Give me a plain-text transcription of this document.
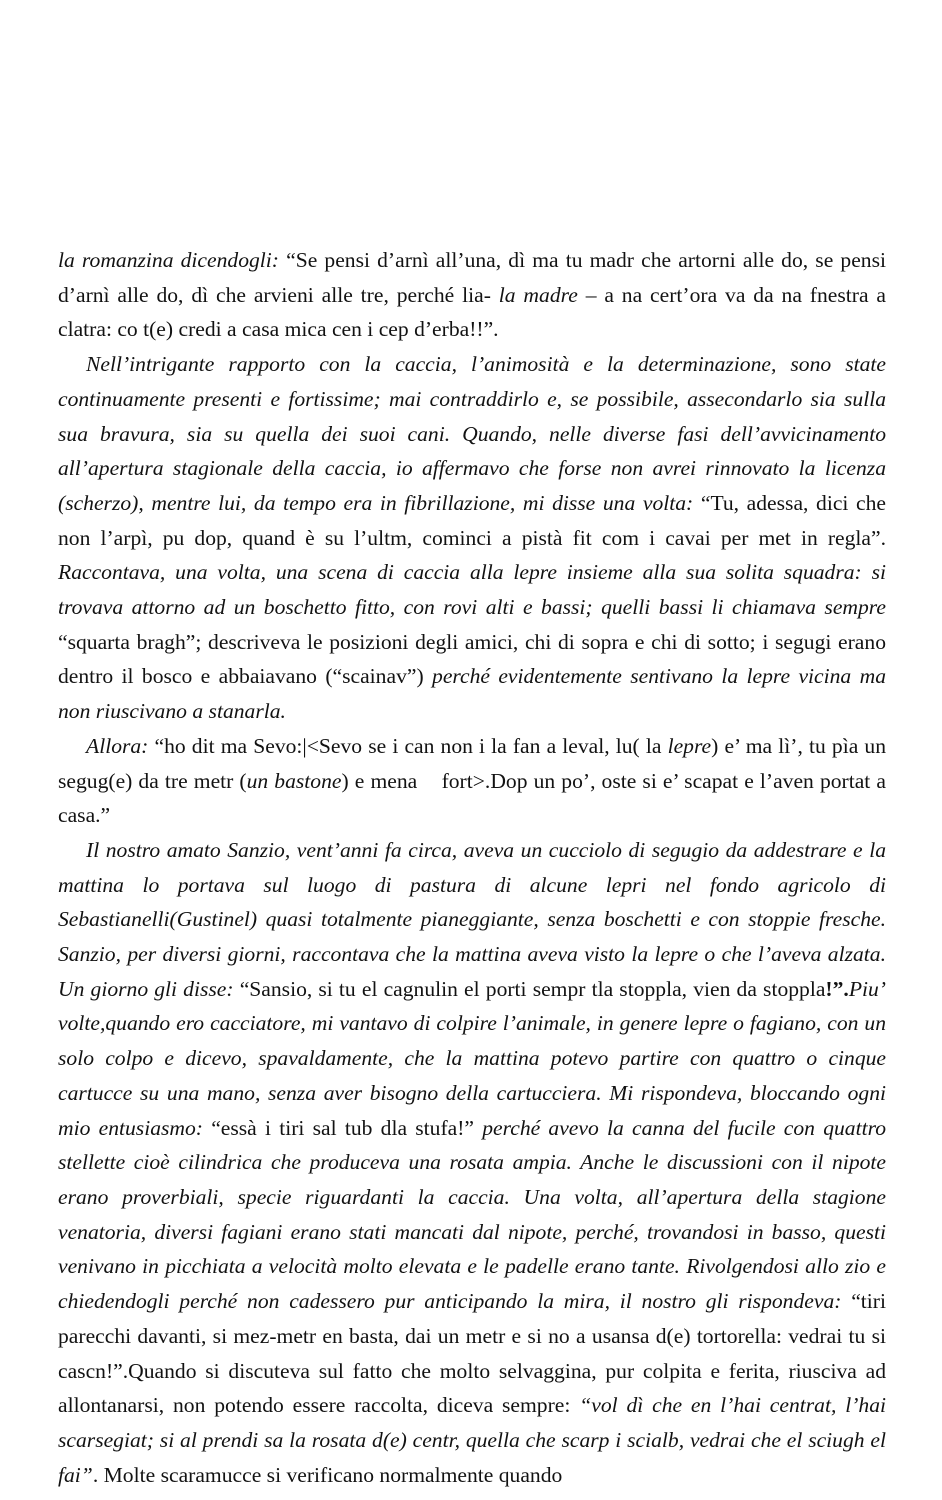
la romanzina dicendogli: “Se pensi d’arnì all’una, dì ma tu madr che artorni alle do, se pensi d’arnì alle do, dì che arvieni alle tre, perché lia- la madre – a na cert’ora va da na fnestra a clatra: co t(e) credi a casa mica cen i cep d’erba!!”.
Nell’intrigante rapporto con la caccia, l’animosità e la determinazione, sono state continuamente presenti e fortissime; mai contraddirlo e, se possibile, assecondarlo sia sulla sua bravura, sia su quella dei suoi cani. Quando, nelle diverse fasi dell’avvicinamento all’apertura stagionale della caccia, io affermavo che forse non avrei rinnovato la licenza (scherzo), mentre lui, da tempo era in fibrillazione, mi disse una volta: “Tu, adessa, dici che non l’arpì, pu dop, quand è su l’ultm, cominci a pistà fit com i cavai per met in regla”. Raccontava, una volta, una scena di caccia alla lepre insieme alla sua solita squadra: si trovava attorno ad un boschetto fitto, con rovi alti e bassi; quelli bassi li chiamava sempre “squarta bragh”; descriveva le posizioni degli amici, chi di sopra e chi di sotto; i segugi erano dentro il bosco e abbaiavano (“scainav”) perché evidentemente sentivano la lepre vicina ma non riuscivano a stanarla.
Allora: “ho dit ma Sevo:|<Sevo se i can non i la fan a leval, lu( la lepre) e’ ma lì’, tu pìa un segug(e) da tre metr (un bastone) e mena fort>.Dop un po’, oste si e’ scapat e l’aven portat a casa.”
Il nostro amato Sanzio, vent’anni fa circa, aveva un cucciolo di segugio da addestrare e la mattina lo portava sul luogo di pastura di alcune lepri nel fondo agricolo di Sebastianelli(Gustinel) quasi totalmente pianeggiante, senza boschetti e con stoppie fresche. Sanzio, per diversi giorni, raccontava che la mattina aveva visto la lepre o che l’aveva alzata. Un giorno gli disse: “Sansio, si tu el cagnulin el porti sempr tla stoppla, vien da stoppla!”.Piu’ volte,quando ero cacciatore, mi vantavo di colpire l’animale, in genere lepre o fagiano, con un solo colpo e dicevo, spavaldamente, che la mattina potevo partire con quattro o cinque cartucce su una mano, senza aver bisogno della cartucciera. Mi rispondeva, bloccando ogni mio entusiasmo: “essà i tiri sal tub dla stufa!” perché avevo la canna del fucile con quattro stellette cioè cilindrica che produceva una rosata ampia. Anche le discussioni con il nipote erano proverbiali, specie riguardanti la caccia. Una volta, all’apertura della stagione venatoria, diversi fagiani erano stati mancati dal nipote, perché, trovandosi in basso, questi venivano in picchiata a velocità molto elevata e le padelle erano tante. Rivolgendosi allo zio e chiedendogli perché non cadessero pur anticipando la mira, il nostro gli rispondeva: “tiri parecchi davanti, si mez-metr en basta, dai un metr e si no a usansa d(e) tortorella: vedrai tu si cascn!”.Quando si discuteva sul fatto che molto selvaggina, pur colpita e ferita, riusciva ad allontanarsi, non potendo essere raccolta, diceva sempre: “vol dì che en l’hai centrat, l’hai scarsegiat; si al prendi sa la rosata d(e) centr, quella che scarp i scialb, vedrai che el sciugh el fai”. Molte scaramucce si verificano normalmente quando
